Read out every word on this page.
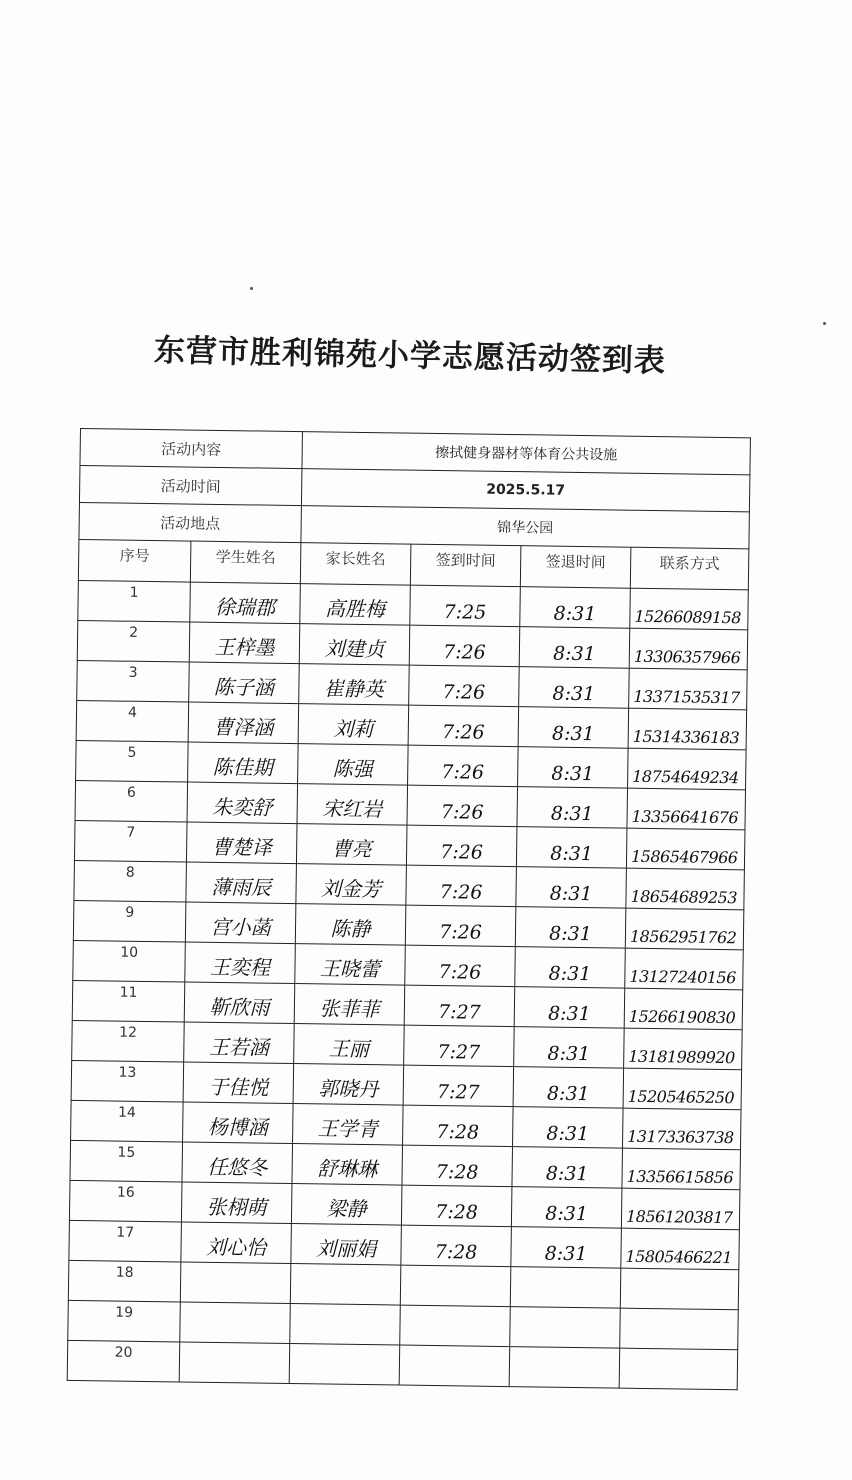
东营市胜利锦苑小学志愿活动签到表
活动内容		擦拭健身器材等体育公共设施			
活动时间		2025.5.17			
活动地点		锦华公园			
序号	学生姓名	家长姓名	签到时间	签退时间	联系方式
1	徐瑞郡	高胜梅	7:25	8:31	15266089158
2	王梓墨	刘建贞	7:26	8:31	13306357966
3	陈子涵	崔静英	7:26	8:31	13371535317
4	曹泽涵	刘莉	7:26	8:31	15314336183
5	陈佳期	陈强	7:26	8:31	18754649234
6	朱奕舒	宋红岩	7:26	8:31	13356641676
7	曹楚译	曹亮	7:26	8:31	15865467966
8	薄雨辰	刘金芳	7:26	8:31	18654689253
9	宫小菡	陈静	7:26	8:31	18562951762
10	王奕程	王晓蕾	7:26	8:31	13127240156
11	靳欣雨	张菲菲	7:27	8:31	15266190830
12	王若涵	王丽	7:27	8:31	13181989920
13	于佳悦	郭晓丹	7:27	8:31	15205465250
14	杨博涵	王学青	7:28	8:31	13173363738
15	任悠冬	舒琳琳	7:28	8:31	13356615856
16	张栩萌	梁静	7:28	8:31	18561203817
17	刘心怡	刘丽娟	7:28	8:31	15805466221
18					
19					
20					
